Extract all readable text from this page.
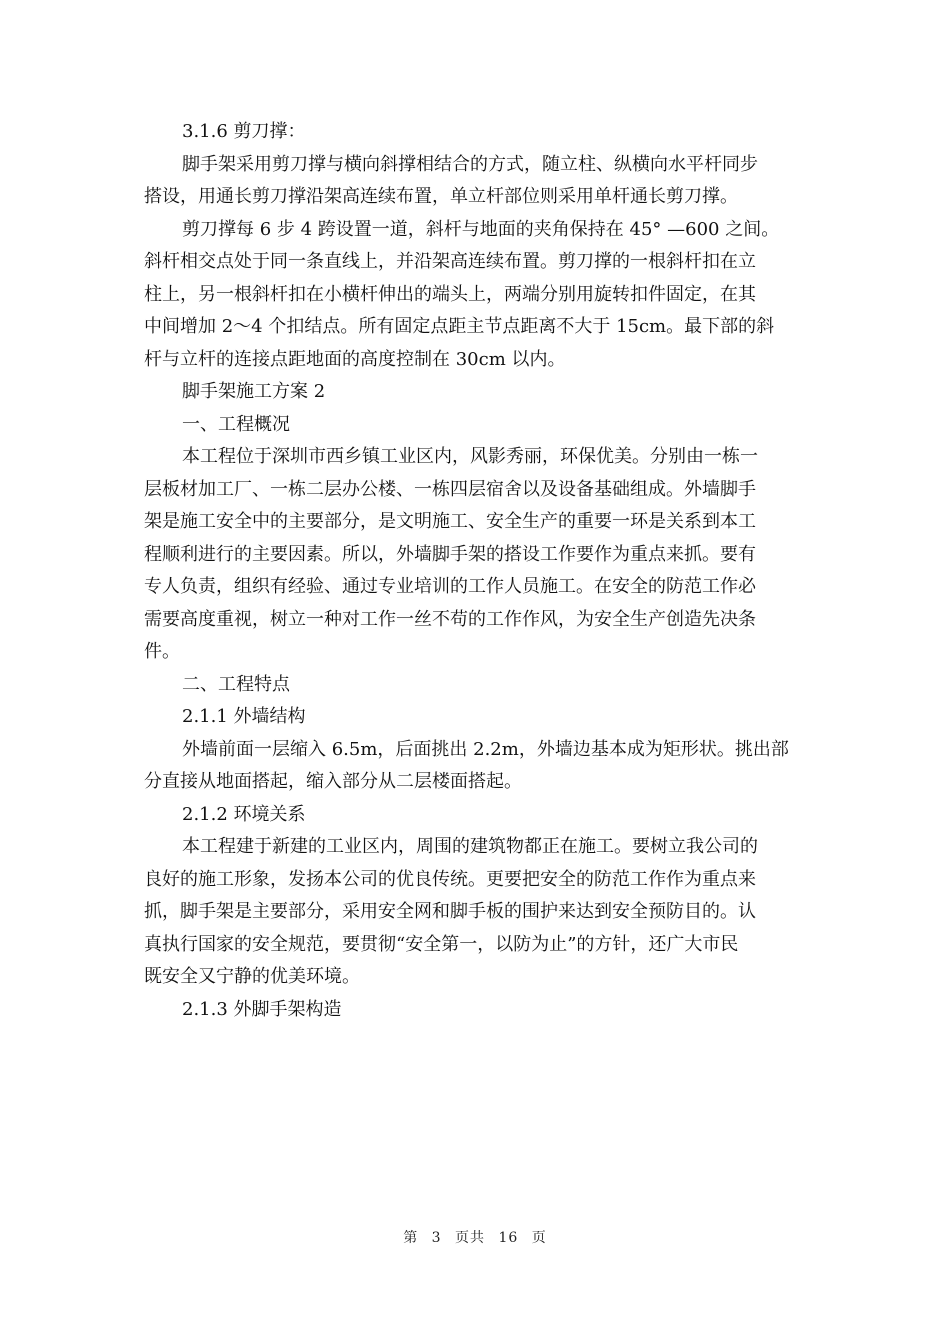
3.1.6 剪刀撑：

脚手架采用剪刀撑与横向斜撑相结合的方式，随立柱、纵横向水平杆同步

搭设，用通长剪刀撑沿架高连续布置，单立杆部位则采用单杆通长剪刀撑。

剪刀撑每 6 步 4 跨设置一道，斜杆与地面的夹角保持在 45° —600 之间。

斜杆相交点处于同一条直线上，并沿架高连续布置。剪刀撑的一根斜杆扣在立

柱上，另一根斜杆扣在小横杆伸出的端头上，两端分别用旋转扣件固定，在其

中间增加 2～4 个扣结点。所有固定点距主节点距离不大于 15cm。最下部的斜

杆与立杆的连接点距地面的高度控制在 30cm 以内。

脚手架施工方案 2

一、工程概况

本工程位于深圳市西乡镇工业区内，风影秀丽，环保优美。分别由一栋一

层板材加工厂、一栋二层办公楼、一栋四层宿舍以及设备基础组成。外墙脚手

架是施工安全中的主要部分，是文明施工、安全生产的重要一环是关系到本工

程顺利进行的主要因素。所以，外墙脚手架的搭设工作要作为重点来抓。要有

专人负责，组织有经验、通过专业培训的工作人员施工。在安全的防范工作必

需要高度重视，树立一种对工作一丝不苟的工作作风，为安全生产创造先决条

件。

二、工程特点

2.1.1 外墙结构

外墙前面一层缩入 6.5m，后面挑出 2.2m，外墙边基本成为矩形状。挑出部

分直接从地面搭起，缩入部分从二层楼面搭起。

2.1.2 环境关系

本工程建于新建的工业区内，周围的建筑物都正在施工。要树立我公司的

良好的施工形象，发扬本公司的优良传统。更要把安全的防范工作作为重点来

抓，脚手架是主要部分，采用安全网和脚手板的围护来达到安全预防目的。认

真执行国家的安全规范，要贯彻“安全第一，以防为止”的方针，还广大市民

既安全又宁静的优美环境。

2.1.3 外脚手架构造

第 3 页共 16 页
